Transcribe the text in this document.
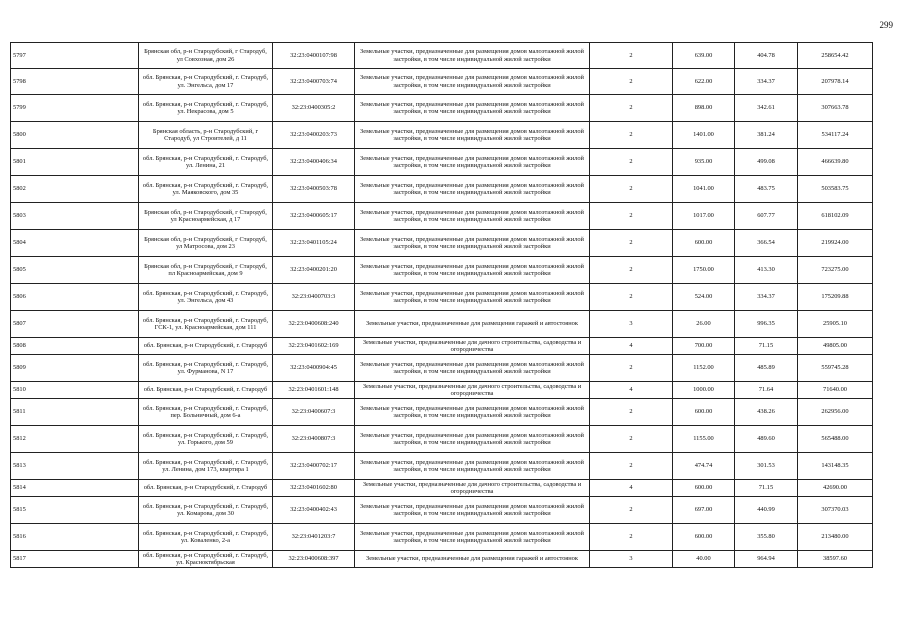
299
5797	Брянская обл, р-н Стародубский, г Стародуб, ул Совхозная, дом 26	32:23:0400107:98	Земельные участки, предназначенные для размещения домов малоэтажной жилой застройки, в том числе индивидуальной жилой застройки	2	639.00	404.78	258654.42
5798	обл. Брянская, р-н Стародубский, г. Стародуб, ул. Энгельса, дом 17	32:23:0400703:74	Земельные участки, предназначенные для размещения домов малоэтажной жилой застройки, в том числе индивидуальной жилой застройки	2	622.00	334.37	207978.14
5799	обл. Брянская, р-н Стародубский, г. Стародуб, ул. Некрасова, дом 5	32:23:0400305:2	Земельные участки, предназначенные для размещения домов малоэтажной жилой застройки, в том числе индивидуальной жилой застройки	2	898.00	342.61	307663.78
5800	Брянская область, р-н Стародубский, г Стародуб, ул Строителей, д 11	32:23:0400203:73	Земельные участки, предназначенные для размещения домов малоэтажной жилой застройки, в том числе индивидуальной жилой застройки	2	1401.00	381.24	534117.24
5801	обл. Брянская, р-н Стародубский, г. Стародуб, ул. Ленина, 21	32:23:0400406:34	Земельные участки, предназначенные для размещения домов малоэтажной жилой застройки, в том числе индивидуальной жилой застройки	2	935.00	499.08	466639.80
5802	обл. Брянская, р-н Стародубский, г. Стародуб, ул. Маяковского, дом 35	32:23:0400503:78	Земельные участки, предназначенные для размещения домов малоэтажной жилой застройки, в том числе индивидуальной жилой застройки	2	1041.00	483.75	503583.75
5803	Брянская обл, р-н Стародубский, г Стародуб, ул Красноармейская, д 17	32:23:0400605:17	Земельные участки, предназначенные для размещения домов малоэтажной жилой застройки, в том числе индивидуальной жилой застройки	2	1017.00	607.77	618102.09
5804	Брянская обл, р-н Стародубский, г Стародуб, ул Матросова, дом 23	32:23:0401105:24	Земельные участки, предназначенные для размещения домов малоэтажной жилой застройки, в том числе индивидуальной жилой застройки	2	600.00	366.54	219924.00
5805	Брянская обл, р-н Стародубский, г Стародуб, пл Красноармейская, дом 9	32:23:0400201:20	Земельные участки, предназначенные для размещения домов малоэтажной жилой застройки, в том числе индивидуальной жилой застройки	2	1750.00	413.30	723275.00
5806	обл. Брянская, р-н Стародубский, г. Стародуб, ул. Энгельса, дом 43	32:23:0400703:3	Земельные участки, предназначенные для размещения домов малоэтажной жилой застройки, в том числе индивидуальной жилой застройки	2	524.00	334.37	175209.88
5807	обл. Брянская, р-н Стародубский, г. Стародуб, ГСК-1, ул. Красноармейская, дом 111	32:23:0400608:240	Земельные участки, предназначенные для размещения гаражей и автостоянок	3	26.00	996.35	25905.10
5808	обл. Брянская, р-н Стародубский, г. Стародуб	32:23:0401602:169	Земельные участки, предназначенные для дачного строительства, садоводства и огородничества	4	700.00	71.15	49805.00
5809	обл. Брянская, р-н Стародубский, г. Стародуб, ул. Фурманова, N 17	32:23:0400904:45	Земельные участки, предназначенные для размещения домов малоэтажной жилой застройки, в том числе индивидуальной жилой застройки	2	1152.00	485.89	559745.28
5810	обл. Брянская, р-н Стародубский, г. Стародуб	32:23:0401601:148	Земельные участки, предназначенные для дачного строительства, садоводства и огородничества	4	1000.00	71.64	71640.00
5811	обл. Брянская, р-н Стародубский, г. Стародуб, пер. Больничный, дом 6-а	32:23:0400607:3	Земельные участки, предназначенные для размещения домов малоэтажной жилой застройки, в том числе индивидуальной жилой застройки	2	600.00	438.26	262956.00
5812	обл. Брянская, р-н Стародубский, г. Стародуб, ул. Горького, дом 59	32:23:0400807:3	Земельные участки, предназначенные для размещения домов малоэтажной жилой застройки, в том числе индивидуальной жилой застройки	2	1155.00	489.60	565488.00
5813	обл. Брянская, р-н Стародубский, г. Стародуб, ул. Ленина, дом 173, квартира 1	32:23:0400702:17	Земельные участки, предназначенные для размещения домов малоэтажной жилой застройки, в том числе индивидуальной жилой застройки	2	474.74	301.53	143148.35
5814	обл. Брянская, р-н Стародубский, г. Стародуб	32:23:0401602:80	Земельные участки, предназначенные для дачного строительства, садоводства и огородничества	4	600.00	71.15	42690.00
5815	обл. Брянская, р-н Стародубский, г. Стародуб, ул. Комарова, дом 30	32:23:0400402:43	Земельные участки, предназначенные для размещения домов малоэтажной жилой застройки, в том числе индивидуальной жилой застройки	2	697.00	440.99	307370.03
5816	обл. Брянская, р-н Стародубский, г. Стародуб, ул. Коваленко, 2-а	32:23:0401203:7	Земельные участки, предназначенные для размещения домов малоэтажной жилой застройки, в том числе индивидуальной жилой застройки	2	600.00	355.80	213480.00
5817	обл. Брянская, р-н Стародубский, г. Стародуб, ул. Красноктябрьская	32:23:0400608:397	Земельные участки, предназначенные для размещения гаражей и автостоянок	3	40.00	964.94	38597.60
